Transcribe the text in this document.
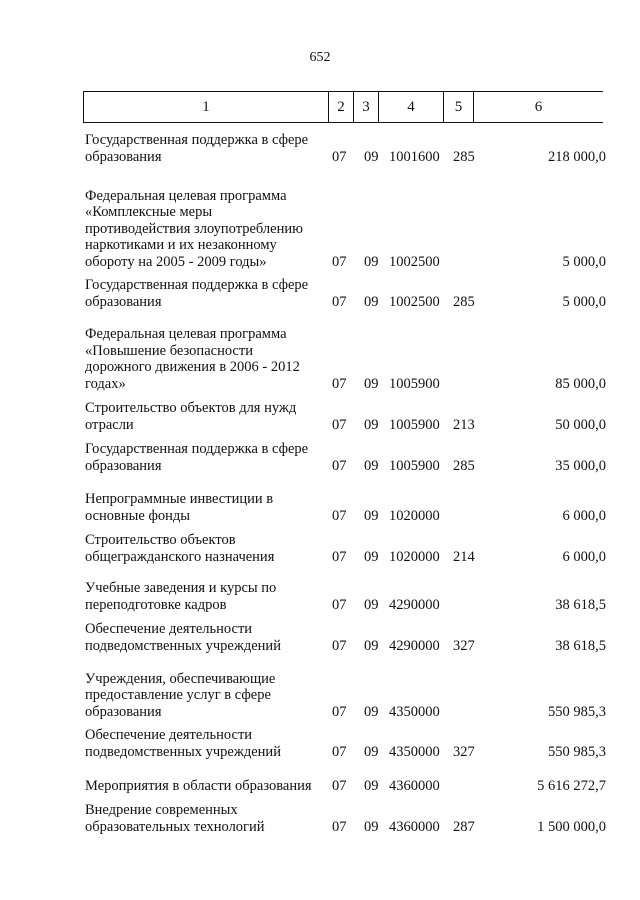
652
1	2	3	4	5	6
Государственная поддержка в сфере
образования	07 09 1001600 285	218 000,0
Федеральная целевая программа
«Комплексные меры
противодействия злоупотреблению
наркотиками и их незаконному
обороту на 2005 - 2009 годы»	07 09 1002500	5 000,0
Государственная поддержка в сфере
образования	07 09 1002500 285	5 000,0
Федеральная целевая программа
«Повышение безопасности
дорожного движения в 2006 - 2012
годах»	07 09 1005900	85 000,0
Строительство объектов для нужд
отрасли	07 09 1005900 213	50 000,0
Государственная поддержка в сфере
образования	07 09 1005900 285	35 000,0
Непрограммные инвестиции в
основные фонды	07 09 1020000	6 000,0
Строительство объектов
общегражданского назначения	07 09 1020000 214	6 000,0
Учебные заведения и курсы по
переподготовке кадров	07 09 4290000	38 618,5
Обеспечение деятельности
подведомственных учреждений	07 09 4290000 327	38 618,5
Учреждения, обеспечивающие
предоставление услуг в сфере
образования	07 09 4350000	550 985,3
Обеспечение деятельности
подведомственных учреждений	07 09 4350000 327	550 985,3
Мероприятия в области образования	07 09 4360000	5 616 272,7
Внедрение современных
образовательных технологий	07 09 4360000 287	1 500 000,0
